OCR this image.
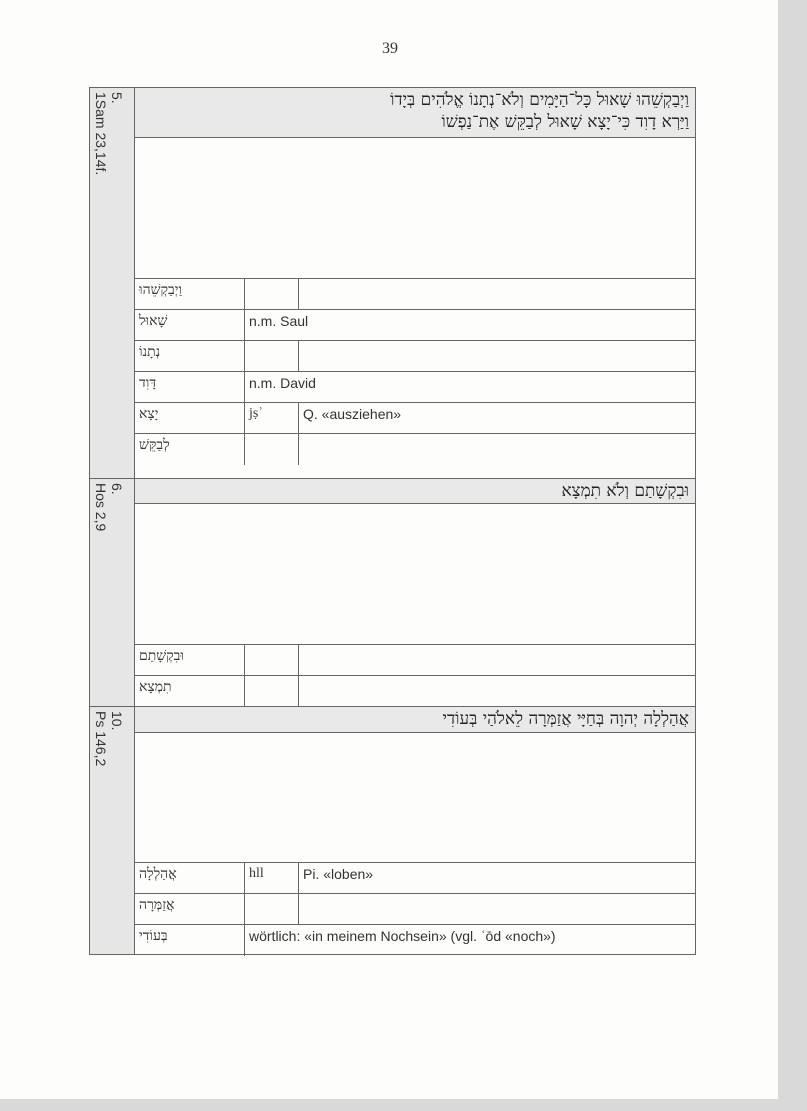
39
5.
1Sam 23,14f.	וַיְבַקְשֵׁהוּ שָׁאוּל כָּל־הַיָּמִים וְלֹא־נְתָנוֹ אֱלֹהִים בְּיָדוֹ
וַיַּרְא דָוִד כִּי־יָצָא שָׁאוּל לְבַקֵּשׁ אֶת־נַפְשׁוֹ
וַיְבַקְשֵׁהוּ
שָׁאוּל	n.m. Saul
נְתָנוֹ
דָּוִד	n.m. David
יָצָא	jṣʾ	Q. «ausziehen»
לְבַקֵּשׁ
6.
Hos 2,9	וּבִקְשָׁתַם וְלֹא תִמְצָא
וּבִקְשָׁתַם
תִמְצָא
10.
Ps 146,2	אֲהַלְלָה יְהוָה בְּחַיָּי אֲזַמְּרָה לֵאלֹהַי בְּעוֹדִי
אֲהַלְלָה	hll	Pi. «loben»
אֲזַמְּרָה
בְּעוֹדִי	wörtlich: «in meinem Nochsein» (vgl. ʿōd «noch»)
